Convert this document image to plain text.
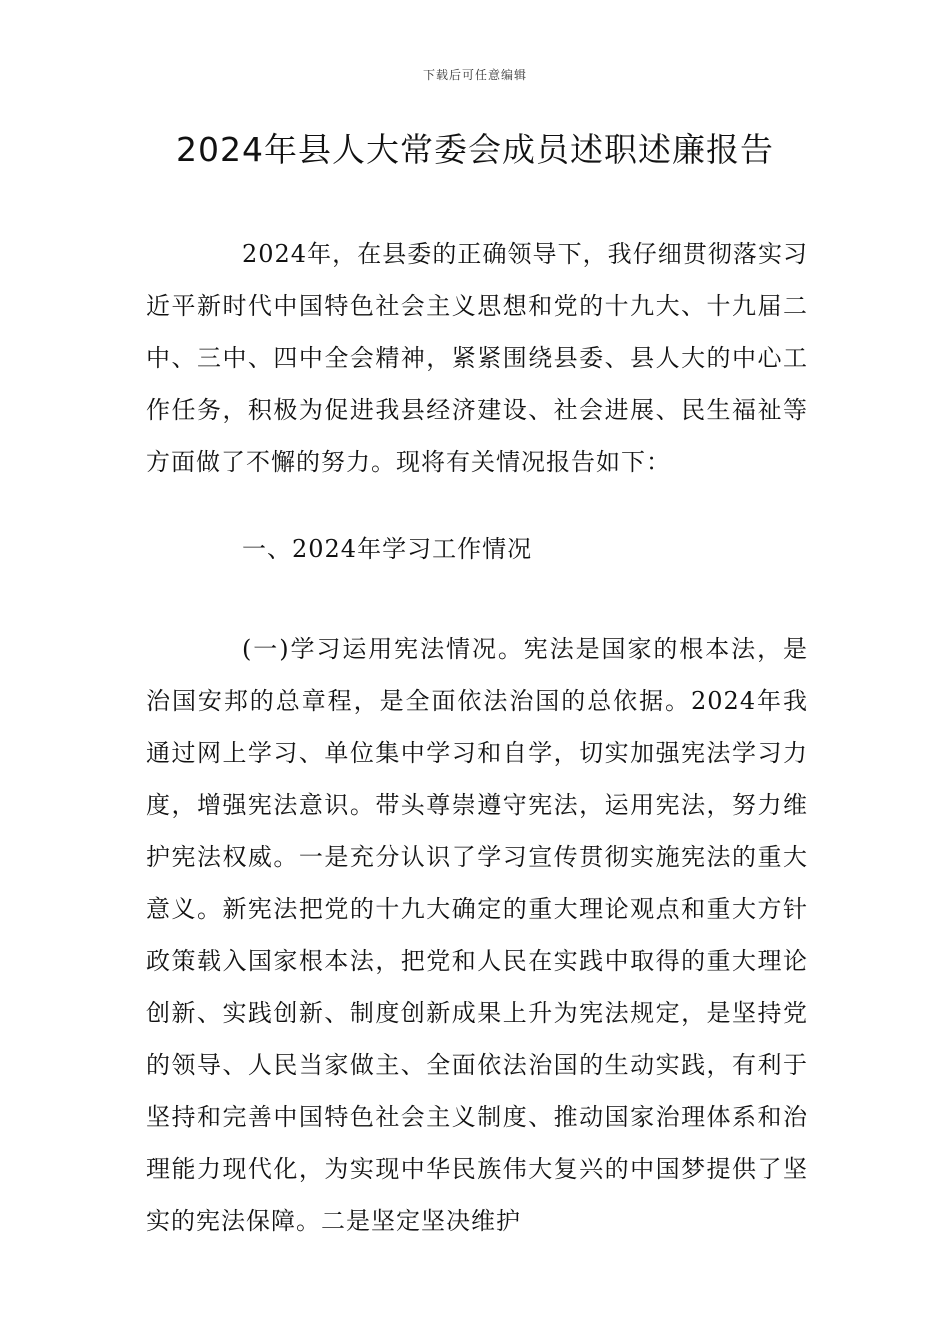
下载后可任意编辑
2024年县人大常委会成员述职述廉报告

2024年，在县委的正确领导下，我仔细贯彻落实习近平新时代中国特色社会主义思想和党的十九大、十九届二中、三中、四中全会精神，紧紧围绕县委、县人大的中心工作任务，积极为促进我县经济建设、社会进展、民生福祉等方面做了不懈的努力。现将有关情况报告如下：

一、2024年学习工作情况

(一)学习运用宪法情况。宪法是国家的根本法，是治国安邦的总章程，是全面依法治国的总依据。2024年我通过网上学习、单位集中学习和自学，切实加强宪法学习力度，增强宪法意识。带头尊崇遵守宪法，运用宪法，努力维护宪法权威。一是充分认识了学习宣传贯彻实施宪法的重大意义。新宪法把党的十九大确定的重大理论观点和重大方针政策载入国家根本法，把党和人民在实践中取得的重大理论创新、实践创新、制度创新成果上升为宪法规定，是坚持党的领导、人民当家做主、全面依法治国的生动实践，有利于坚持和完善中国特色社会主义制度、推动国家治理体系和治理能力现代化，为实现中华民族伟大复兴的中国梦提供了坚实的宪法保障。二是坚定坚决维护
